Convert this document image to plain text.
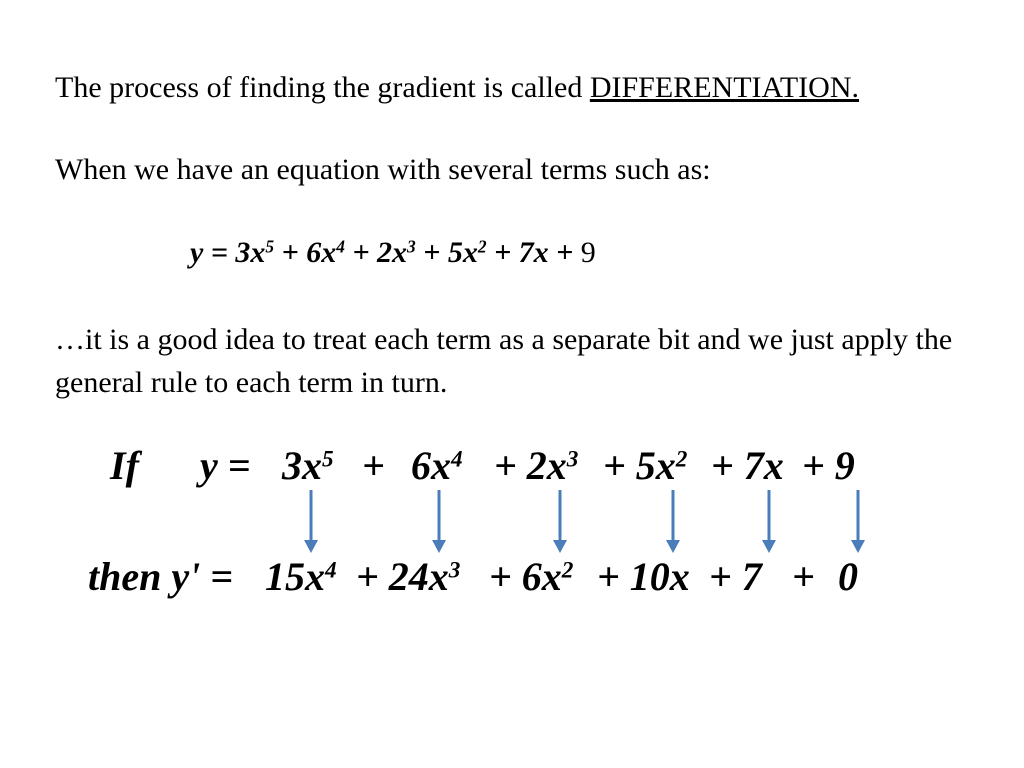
The process of finding the gradient is called DIFFERENTIATION.
When we have an equation with several terms such as:
$y = 3x^5 + 6x^4 + 2x^3 + 5x^2 + 7x + 9$
…it is a good idea to treat each term as a separate bit and we just apply the general rule to each term in turn.
If $y = 3x^5 + 6x^4 + 2x^3 + 5x^2 + 7x + 9$
then $y' = 15x^4 + 24x^3 + 6x^2 + 10x + 7 + 0$
